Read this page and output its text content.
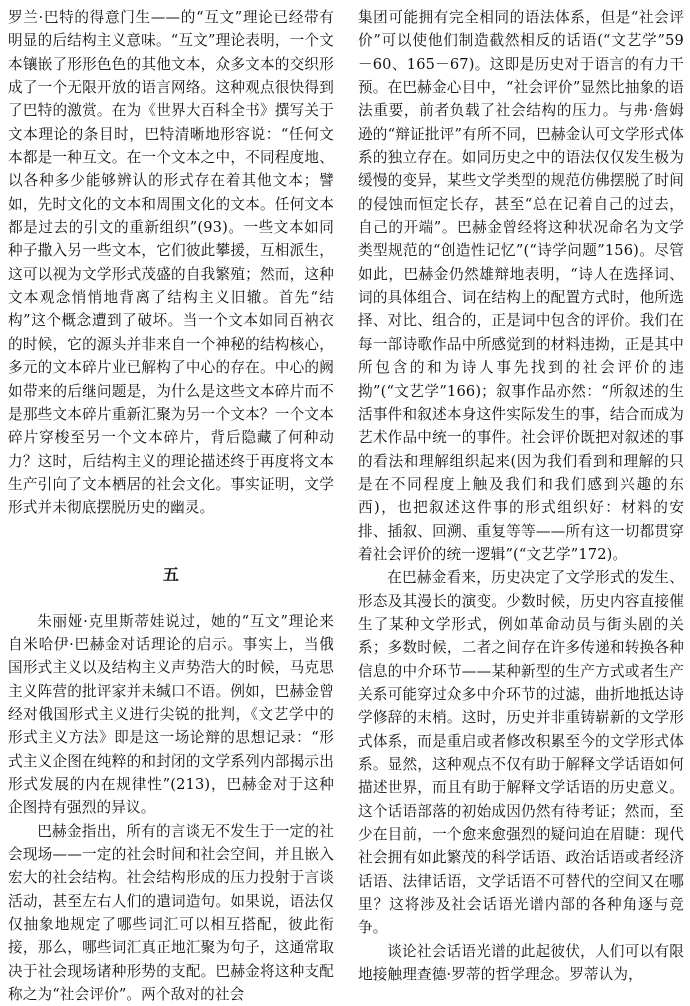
罗兰·巴特的得意门生——的“互文”理论已经带有明显的后结构主义意味。“互文”理论表明，一个文本镶嵌了形形色色的其他文本，众多文本的交织形成了一个无限开放的语言网络。这种观点很快得到了巴特的激赏。在为《世界大百科全书》撰写关于文本理论的条目时，巴特清晰地形容说：“任何文本都是一种互文。在一个文本之中，不同程度地、以各种多少能够辨认的形式存在着其他文本；譬如，先时文化的文本和周围文化的文本。任何文本都是过去的引文的重新组织”(93)。一些文本如同种子撒入另一些文本，它们彼此攀援，互相派生，这可以视为文学形式茂盛的自我繁殖；然而，这种文本观念悄悄地背离了结构主义旧辙。首先“结构”这个概念遭到了破坏。当一个文本如同百衲衣的时候，它的源头并非来自一个神秘的结构核心，多元的文本碎片业已解构了中心的存在。中心的阙如带来的后继问题是，为什么是这些文本碎片而不是那些文本碎片重新汇聚为另一个文本？一个文本碎片穿梭至另一个文本碎片，背后隐藏了何种动力？这时，后结构主义的理论描述终于再度将文本生产引向了文本栖居的社会文化。事实证明，文学形式并未彻底摆脱历史的幽灵。

五

朱丽娅·克里斯蒂娃说过，她的“互文”理论来自米哈伊·巴赫金对话理论的启示。事实上，当俄国形式主义以及结构主义声势浩大的时候，马克思主义阵营的批评家并未缄口不语。例如，巴赫金曾经对俄国形式主义进行尖锐的批判，《文艺学中的形式主义方法》即是这一场论辩的思想记录：“形式主义企图在纯粹的和封闭的文学系列内部揭示出形式发展的内在规律性”(213)，巴赫金对于这种企图持有强烈的异议。

巴赫金指出，所有的言谈无不发生于一定的社会现场——一定的社会时间和社会空间，并且嵌入宏大的社会结构。社会结构形成的压力投射于言谈活动，甚至左右人们的遣词造句。如果说，语法仅仅抽象地规定了哪些词汇可以相互搭配，彼此衔接，那么，哪些词汇真正地汇聚为句子，这通常取决于社会现场诸种形势的支配。巴赫金将这种支配称之为“社会评价”。两个敌对的社会

集团可能拥有完全相同的语法体系，但是“社会评价”可以使他们制造截然相反的话语(“文艺学”59－60、165－67)。这即是历史对于语言的有力干预。在巴赫金心目中，“社会评价”显然比抽象的语法重要，前者负载了社会结构的压力。与弗·詹姆逊的“辩证批评”有所不同，巴赫金认可文学形式体系的独立存在。如同历史之中的语法仅仅发生极为缓慢的变异，某些文学类型的规范仿佛摆脱了时间的侵蚀而恒定长存，甚至“总在记着自己的过去，自己的开端”。巴赫金曾经将这种状况命名为文学类型规范的“创造性记忆”(“诗学问题”156)。尽管如此，巴赫金仍然雄辩地表明，“诗人在选择词、词的具体组合、词在结构上的配置方式时，他所选择、对比、组合的，正是词中包含的评价。我们在每一部诗歌作品中所感觉到的材料违拗，正是其中所包含的和为诗人事先找到的社会评价的违拗”(“文艺学”166)；叙事作品亦然：“所叙述的生活事件和叙述本身这件实际发生的事，结合而成为艺术作品中统一的事件。社会评价既把对叙述的事的看法和理解组织起来(因为我们看到和理解的只是在不同程度上触及我们和我们感到兴趣的东西)，也把叙述这件事的形式组织好：材料的安排、插叙、回溯、重复等等——所有这一切都贯穿着社会评价的统一逻辑”(“文艺学”172)。

在巴赫金看来，历史决定了文学形式的发生、形态及其漫长的演变。少数时候，历史内容直接催生了某种文学形式，例如革命动员与街头剧的关系；多数时候，二者之间存在许多传递和转换各种信息的中介环节——某种新型的生产方式或者生产关系可能穿过众多中介环节的过滤，曲折地抵达诗学修辞的末梢。这时，历史并非重铸崭新的文学形式体系，而是重启或者修改积累至今的文学形式体系。显然，这种观点不仅有助于解释文学话语如何描述世界，而且有助于解释文学话语的历史意义。这个话语部落的初始成因仍然有待考证；然而，至少在目前，一个愈来愈强烈的疑问迫在眉睫：现代社会拥有如此繁茂的科学话语、政治话语或者经济话语、法律话语，文学话语不可替代的空间又在哪里？这将涉及社会话语光谱内部的各种角逐与竞争。

谈论社会话语光谱的此起彼伏，人们可以有限地接触理查德·罗蒂的哲学理念。罗蒂认为，
